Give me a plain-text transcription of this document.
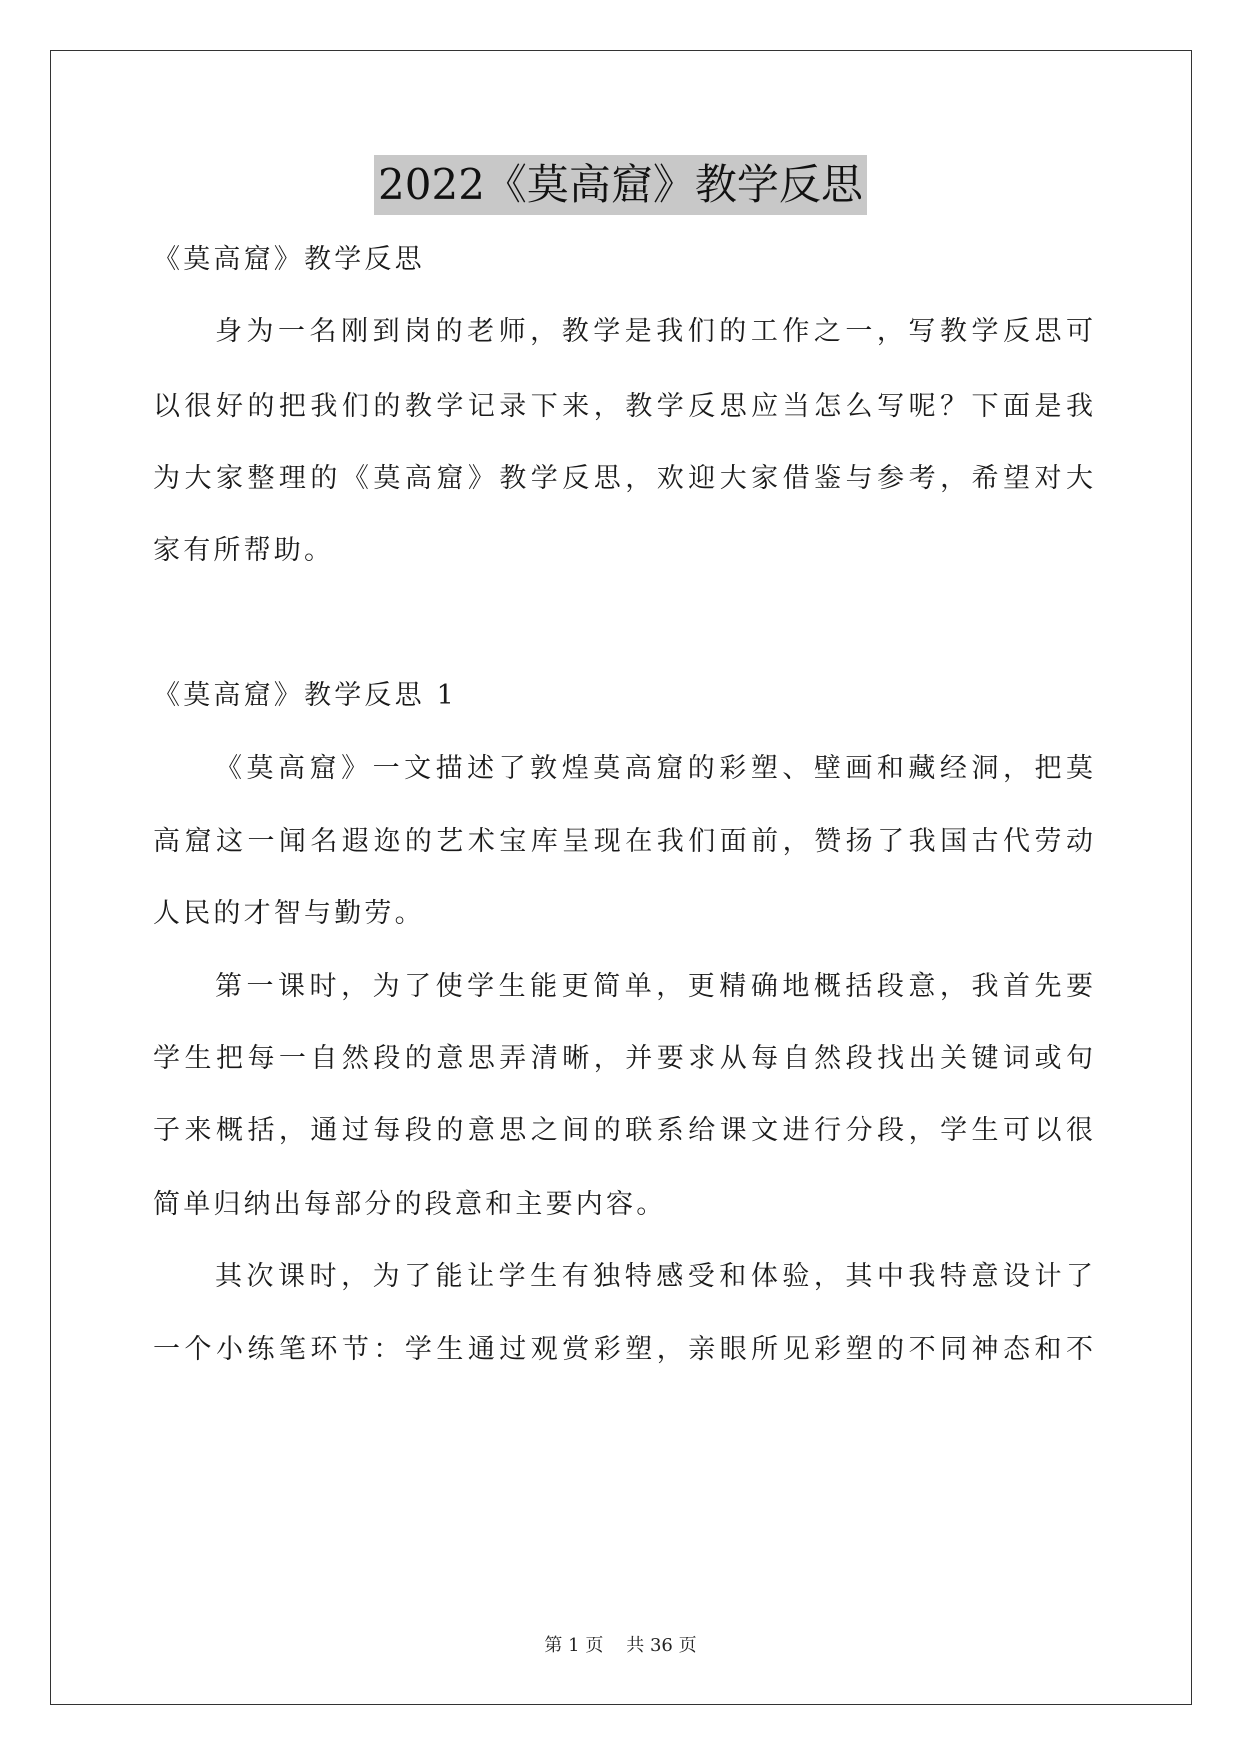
2022《莫高窟》教学反思
《莫高窟》教学反思
身为一名刚到岗的老师，教学是我们的工作之一，写教学反思可
以很好的把我们的教学记录下来，教学反思应当怎么写呢？下面是我
为大家整理的《莫高窟》教学反思，欢迎大家借鉴与参考，希望对大
家有所帮助。
《莫高窟》教学反思 1
《莫高窟》一文描述了敦煌莫高窟的彩塑、壁画和藏经洞，把莫
高窟这一闻名遐迩的艺术宝库呈现在我们面前，赞扬了我国古代劳动
人民的才智与勤劳。
第一课时，为了使学生能更简单，更精确地概括段意，我首先要
学生把每一自然段的意思弄清晰，并要求从每自然段找出关键词或句
子来概括，通过每段的意思之间的联系给课文进行分段，学生可以很
简单归纳出每部分的段意和主要内容。
其次课时，为了能让学生有独特感受和体验，其中我特意设计了
一个小练笔环节：学生通过观赏彩塑，亲眼所见彩塑的不同神态和不
第 1 页 共 36 页
